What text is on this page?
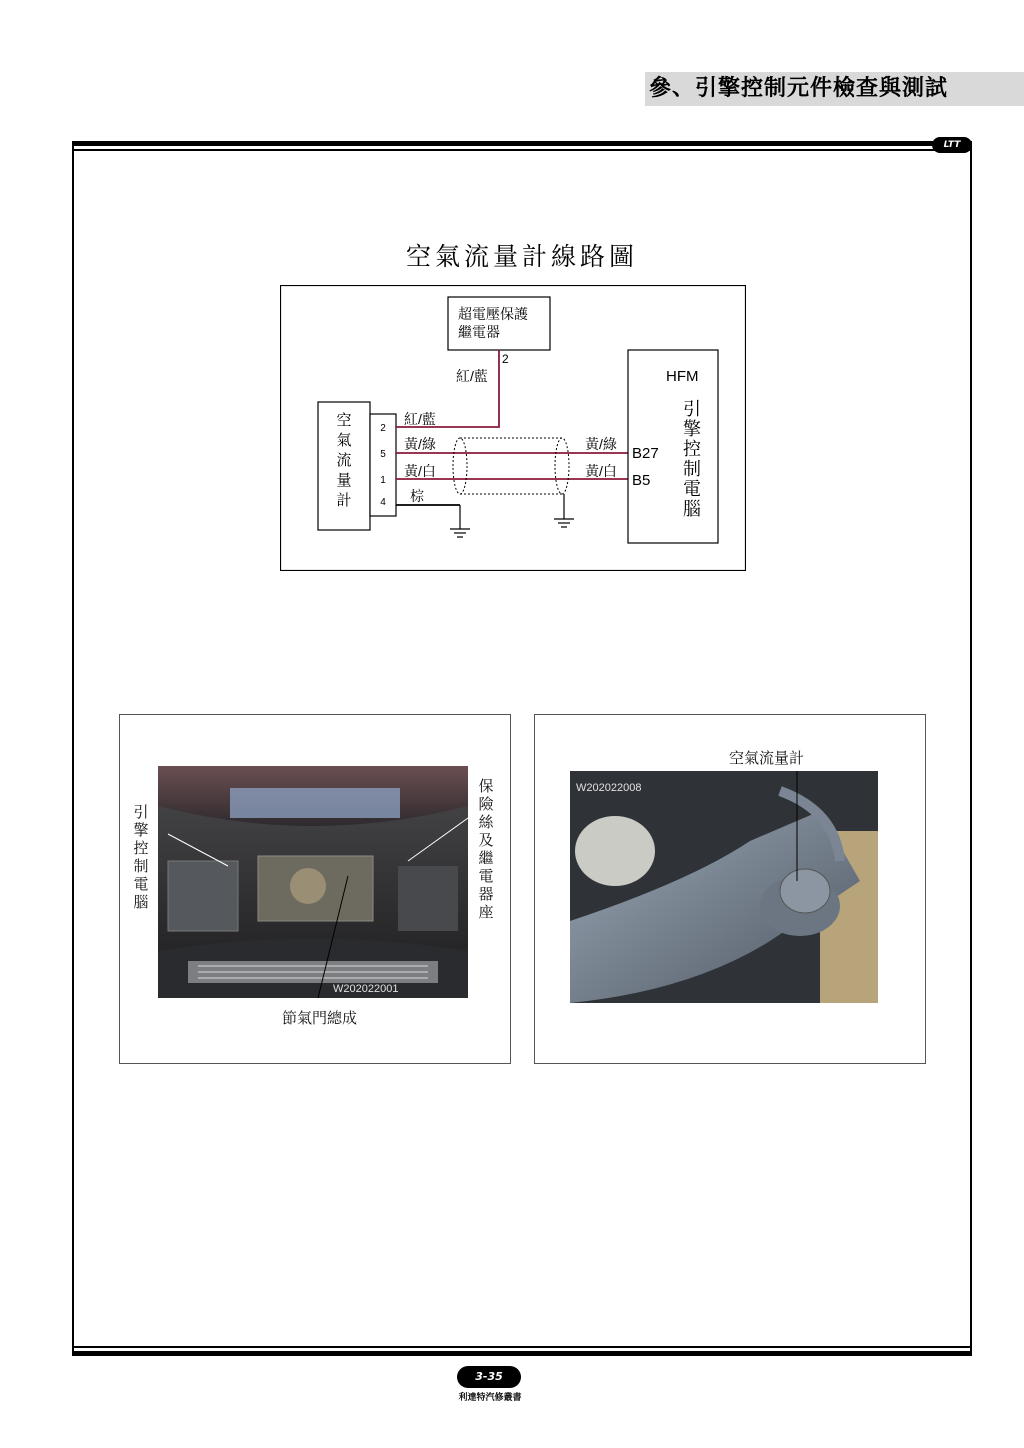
參、引擎控制元件檢查與測試
LTT
空氣流量計線路圖
超電壓保護
繼電器
2
紅/藍
空
氣
流
量
計
2
5
1
4
紅/藍
黃/綠
黃/白
棕
黃/綠
黃/白
HFM
B27
B5
引
擎
控
制
電
腦
W202022001
引
擎
控
制
電
腦
保
險
絲
及
繼
電
器
座
節氣門總成
空氣流量計
W202022008
3-35
利達特汽修叢書
